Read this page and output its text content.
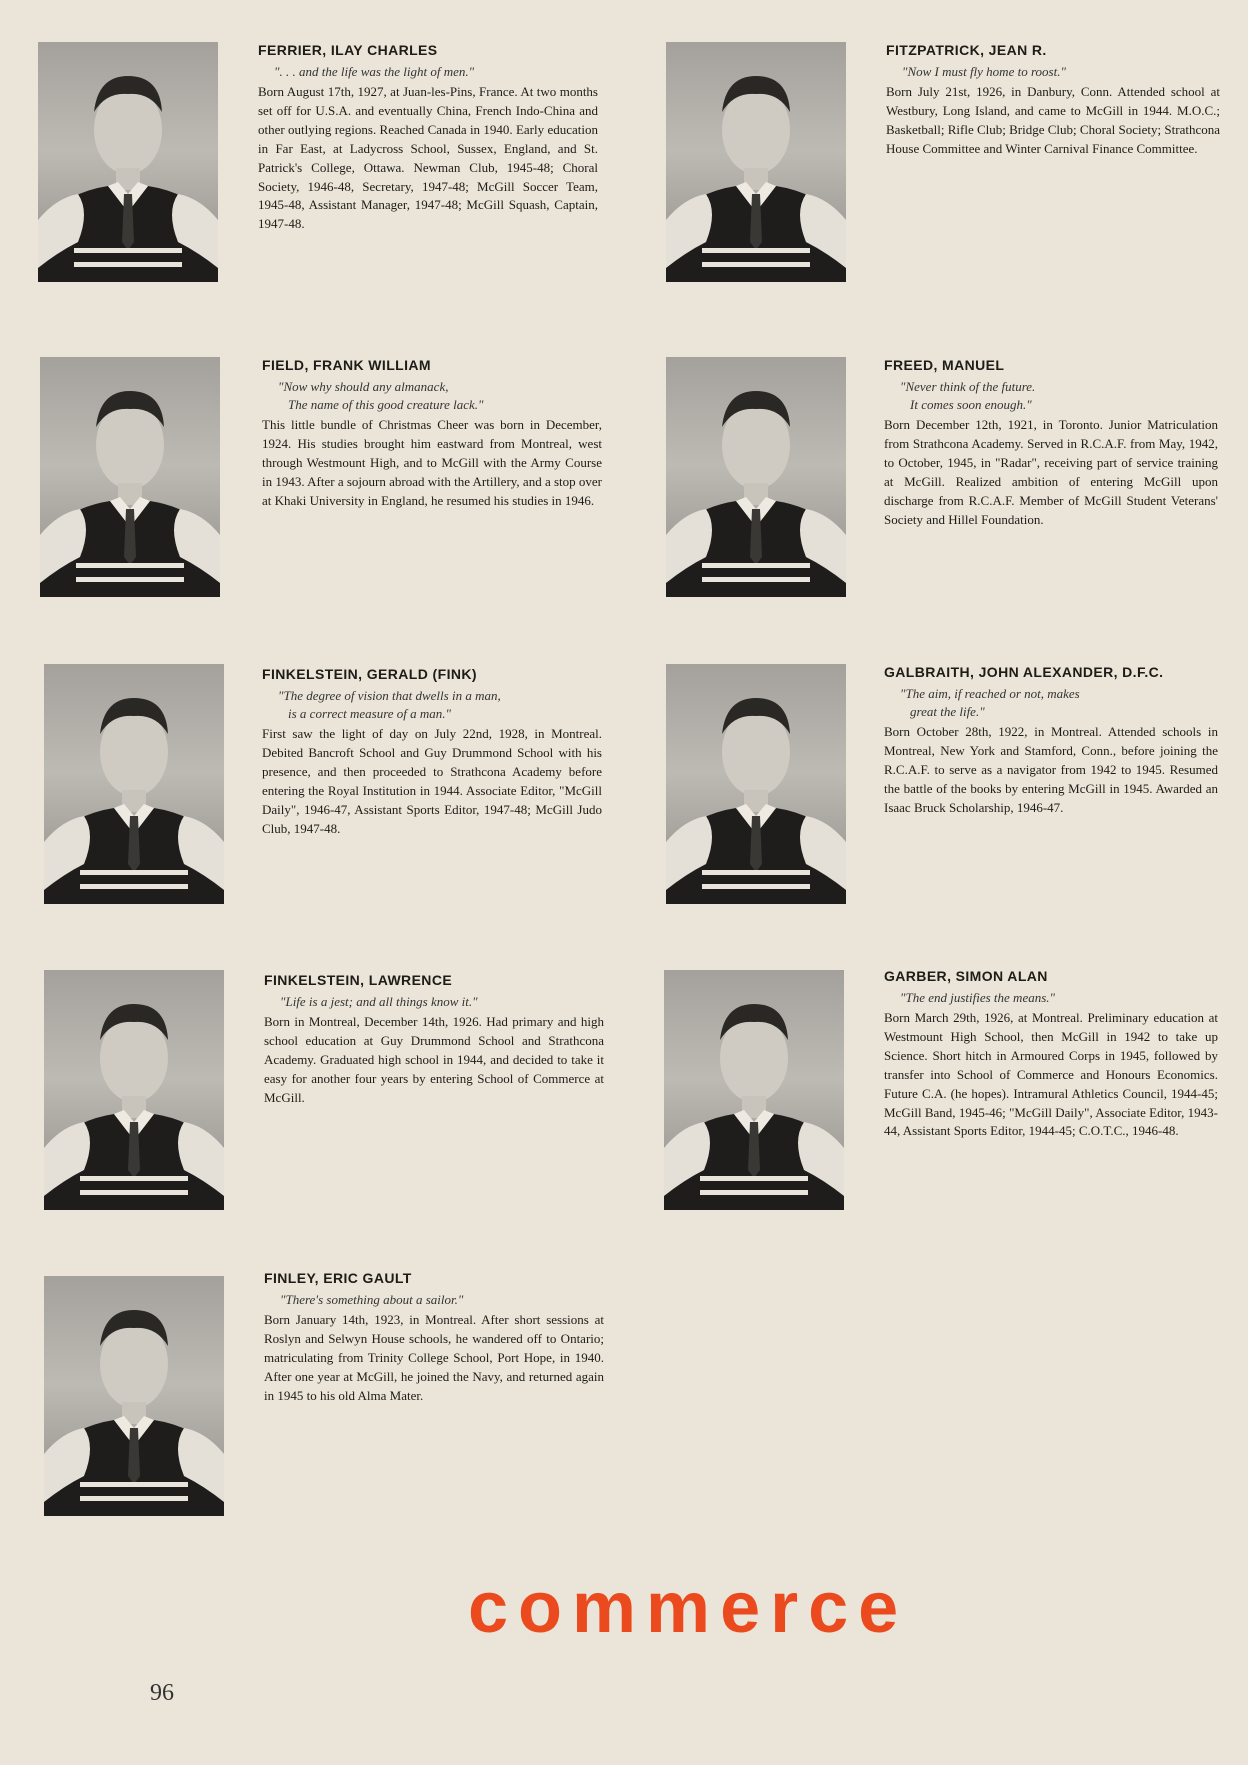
FERRIER, ILAY CHARLES
". . . and the life was the light of men."
Born August 17th, 1927, at Juan-les-Pins, France. At two months set off for U.S.A. and eventually China, French Indo-China and other outlying regions. Reached Canada in 1940. Early education in Far East, at Ladycross School, Sussex, England, and St. Patrick's College, Ottawa. Newman Club, 1945-48; Choral Society, 1946-48, Secretary, 1947-48; McGill Soccer Team, 1945-48, Assistant Manager, 1947-48; McGill Squash, Captain, 1947-48.
FIELD, FRANK WILLIAM
"Now why should any almanack,
The name of this good creature lack."
This little bundle of Christmas Cheer was born in December, 1924. His studies brought him eastward from Montreal, west through Westmount High, and to McGill with the Army Course in 1943. After a sojourn abroad with the Artillery, and a stop over at Khaki University in England, he resumed his studies in 1946.
FINKELSTEIN, GERALD (FINK)
"The degree of vision that dwells in a man,
is a correct measure of a man."
First saw the light of day on July 22nd, 1928, in Montreal. Debited Bancroft School and Guy Drummond School with his presence, and then proceeded to Strathcona Academy before entering the Royal Institution in 1944. Associate Editor, "McGill Daily", 1946-47, Assistant Sports Editor, 1947-48; McGill Judo Club, 1947-48.
FINKELSTEIN, LAWRENCE
"Life is a jest; and all things know it."
Born in Montreal, December 14th, 1926. Had primary and high school education at Guy Drummond School and Strathcona Academy. Graduated high school in 1944, and decided to take it easy for another four years by entering School of Commerce at McGill.
FINLEY, ERIC GAULT
"There's something about a sailor."
Born January 14th, 1923, in Montreal. After short sessions at Roslyn and Selwyn House schools, he wandered off to Ontario; matriculating from Trinity College School, Port Hope, in 1940. After one year at McGill, he joined the Navy, and returned again in 1945 to his old Alma Mater.
FITZPATRICK, JEAN R.
"Now I must fly home to roost."
Born July 21st, 1926, in Danbury, Conn. Attended school at Westbury, Long Island, and came to McGill in 1944. M.O.C.; Basketball; Rifle Club; Bridge Club; Choral Society; Strathcona House Committee and Winter Carnival Finance Committee.
FREED, MANUEL
"Never think of the future.
It comes soon enough."
Born December 12th, 1921, in Toronto. Junior Matriculation from Strathcona Academy. Served in R.C.A.F. from May, 1942, to October, 1945, in "Radar", receiving part of service training at McGill. Realized ambition of entering McGill upon discharge from R.C.A.F. Member of McGill Student Veterans' Society and Hillel Foundation.
GALBRAITH, JOHN ALEXANDER, D.F.C.
"The aim, if reached or not, makes
great the life."
Born October 28th, 1922, in Montreal. Attended schools in Montreal, New York and Stamford, Conn., before joining the R.C.A.F. to serve as a navigator from 1942 to 1945. Resumed the battle of the books by entering McGill in 1945. Awarded an Isaac Bruck Scholarship, 1946-47.
GARBER, SIMON ALAN
"The end justifies the means."
Born March 29th, 1926, at Montreal. Preliminary education at Westmount High School, then McGill in 1942 to take up Science. Short hitch in Armoured Corps in 1945, followed by transfer into School of Commerce and Honours Economics. Future C.A. (he hopes). Intramural Athletics Council, 1944-45; McGill Band, 1945-46; "McGill Daily", Associate Editor, 1943-44, Assistant Sports Editor, 1944-45; C.O.T.C., 1946-48.
commerce
96
